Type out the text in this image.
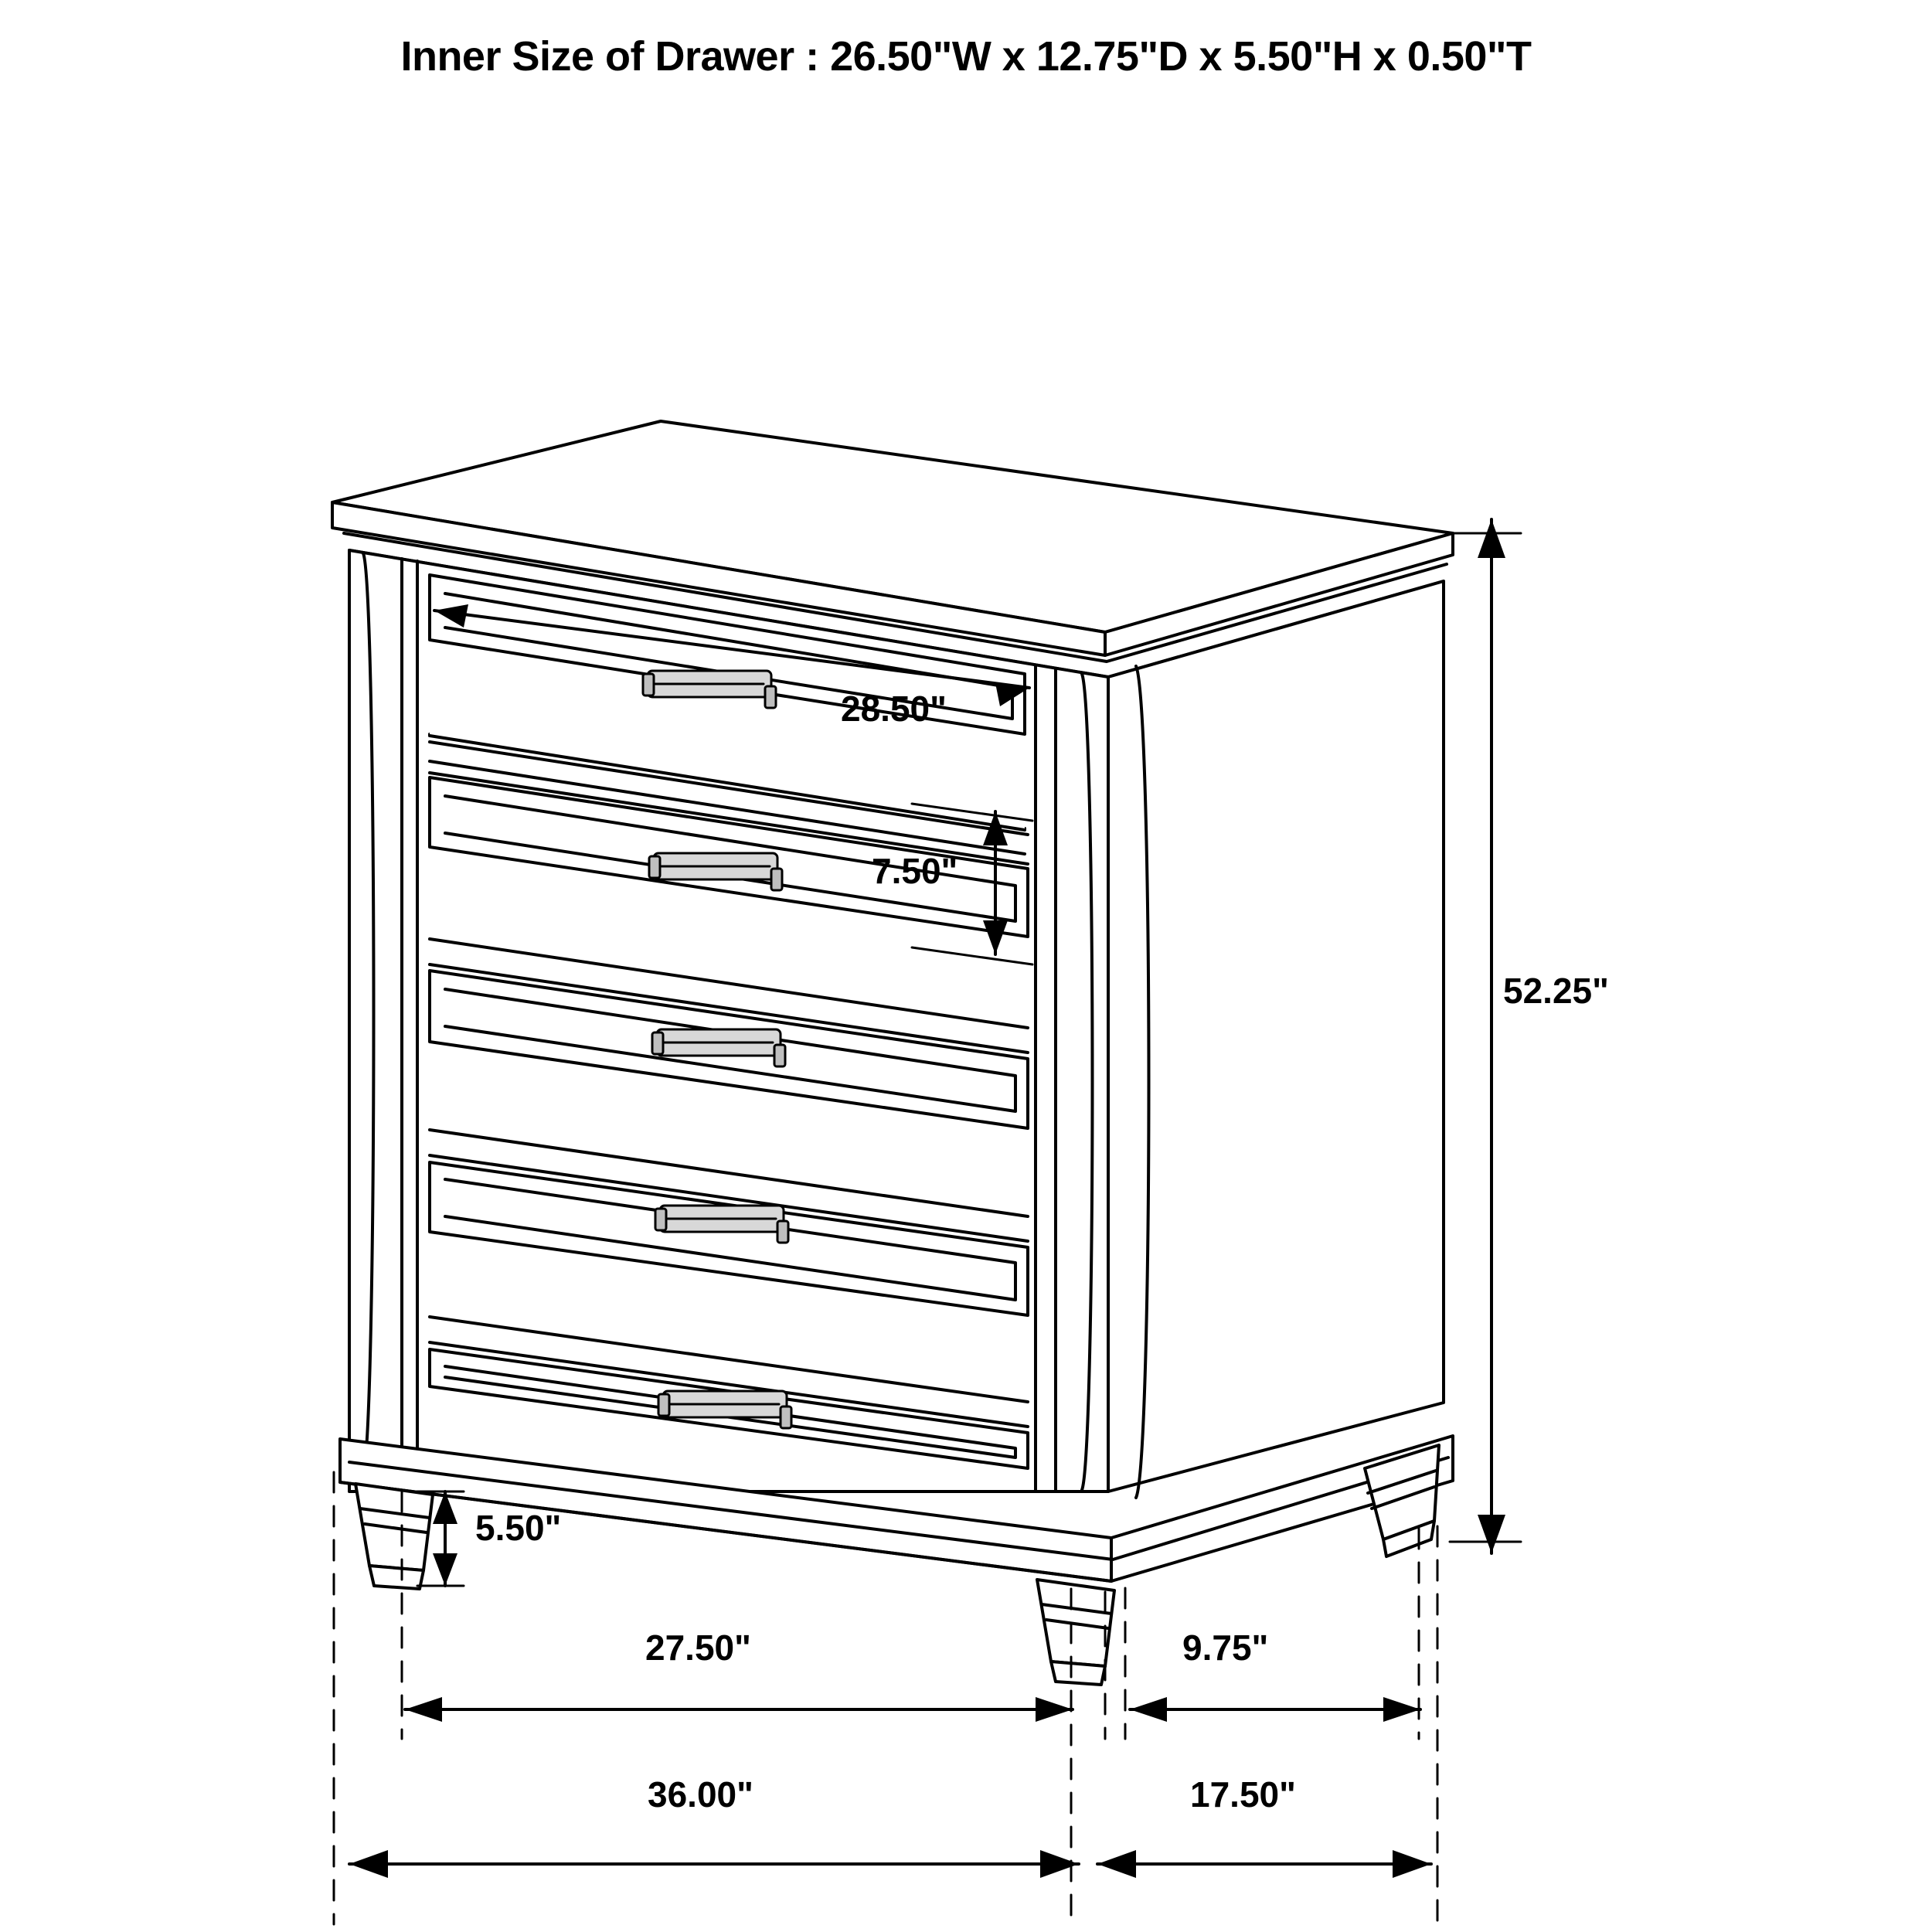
Inner Size of Drawer : 26.50"W x 12.75"D x 5.50"H x 0.50"T
28.50"
7.50"
52.25"
5.50"
27.50"	9.75"
36.00"	17.50"
